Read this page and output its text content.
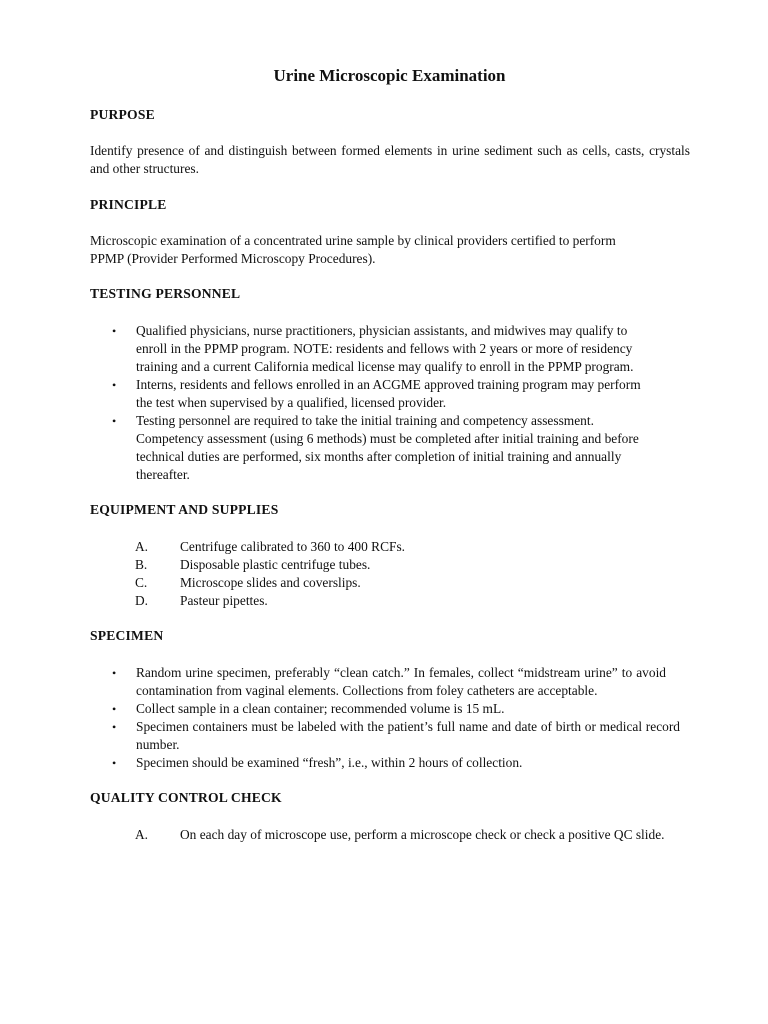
Urine Microscopic Examination
PURPOSE

Identify presence of and distinguish between formed elements in urine sediment such as cells, casts, crystals and other structures.

PRINCIPLE

Microscopic examination of a concentrated urine sample by clinical providers certified to perform PPMP (Provider Performed Microscopy Procedures).

TESTING PERSONNEL
• Qualified physicians, nurse practitioners, physician assistants, and midwives may qualify to enroll in the PPMP program. NOTE: residents and fellows with 2 years or more of residency training and a current California medical license may qualify to enroll in the PPMP program.
• Interns, residents and fellows enrolled in an ACGME approved training program may perform the test when supervised by a qualified, licensed provider.
• Testing personnel are required to take the initial training and competency assessment. Competency assessment (using 6 methods) must be completed after initial training and before technical duties are performed, six months after completion of initial training and annually thereafter.
EQUIPMENT AND SUPPLIES
A. Centrifuge calibrated to 360 to 400 RCFs.
B. Disposable plastic centrifuge tubes.
C. Microscope slides and coverslips.
D. Pasteur pipettes.
SPECIMEN
• Random urine specimen, preferably “clean catch.” In females, collect “midstream urine” to avoid contamination from vaginal elements. Collections from foley catheters are acceptable.
• Collect sample in a clean container; recommended volume is 15 mL.
• Specimen containers must be labeled with the patient’s full name and date of birth or medical record number.
• Specimen should be examined “fresh”, i.e., within 2 hours of collection.
QUALITY CONTROL CHECK
A. On each day of microscope use, perform a microscope check or check a positive QC slide.
